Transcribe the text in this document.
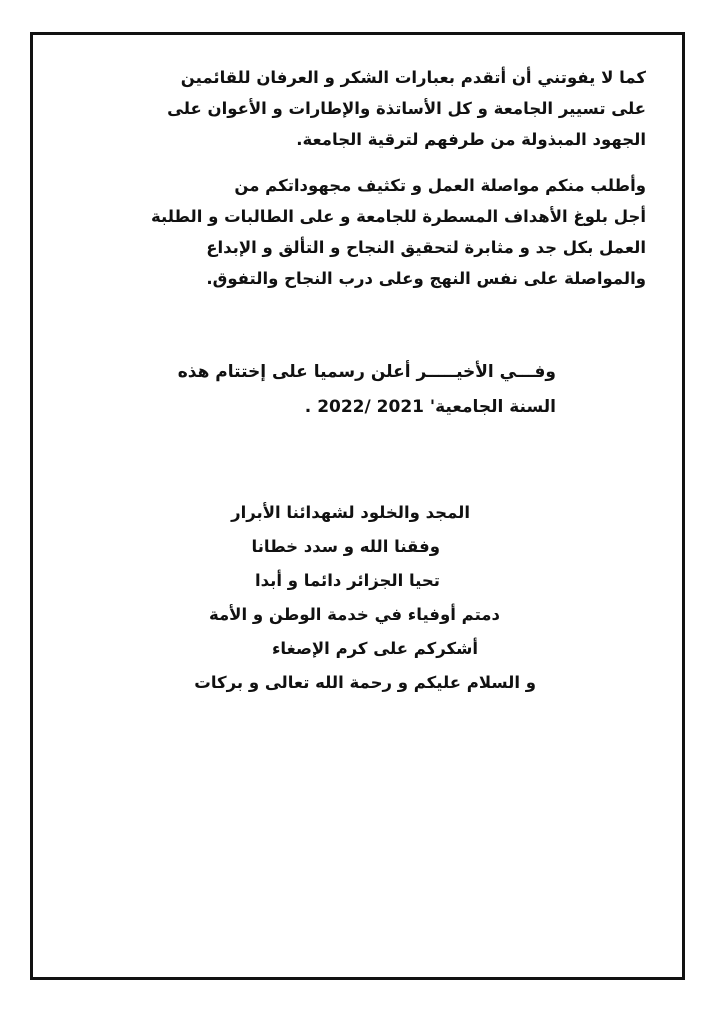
كما لا يفوتني أن أتقدم بعبارات الشكر و العرفان للقائمين
على تسيير الجامعة و كل الأساتذة والإطارات و الأعوان على
الجهود المبذولة من طرفهم لترقية الجامعة.
وأطلب منكم مواصلة العمل و تكثيف مجهوداتكم من
أجل بلوغ الأهداف المسطرة للجامعة و على الطالبات و الطلبة
العمل بكل جد و مثابرة لتحقيق النجاح و التألق و الإبداع
والمواصلة على نفس النهج وعلى درب النجاح والتفوق.
وفـــي الأخيـــــر أعلن رسميا على إختتام هذه
السنة الجامعية' 2021 /2022 .
المجد والخلود لشهدائنا الأبرار
وفقنا الله و سدد خطانا
تحيا الجزائر دائما و أبدا
دمتم أوفياء في خدمة الوطن و الأمة
أشكركم على كرم الإصغاء
و السلام عليكم و رحمة الله تعالى و بركات
